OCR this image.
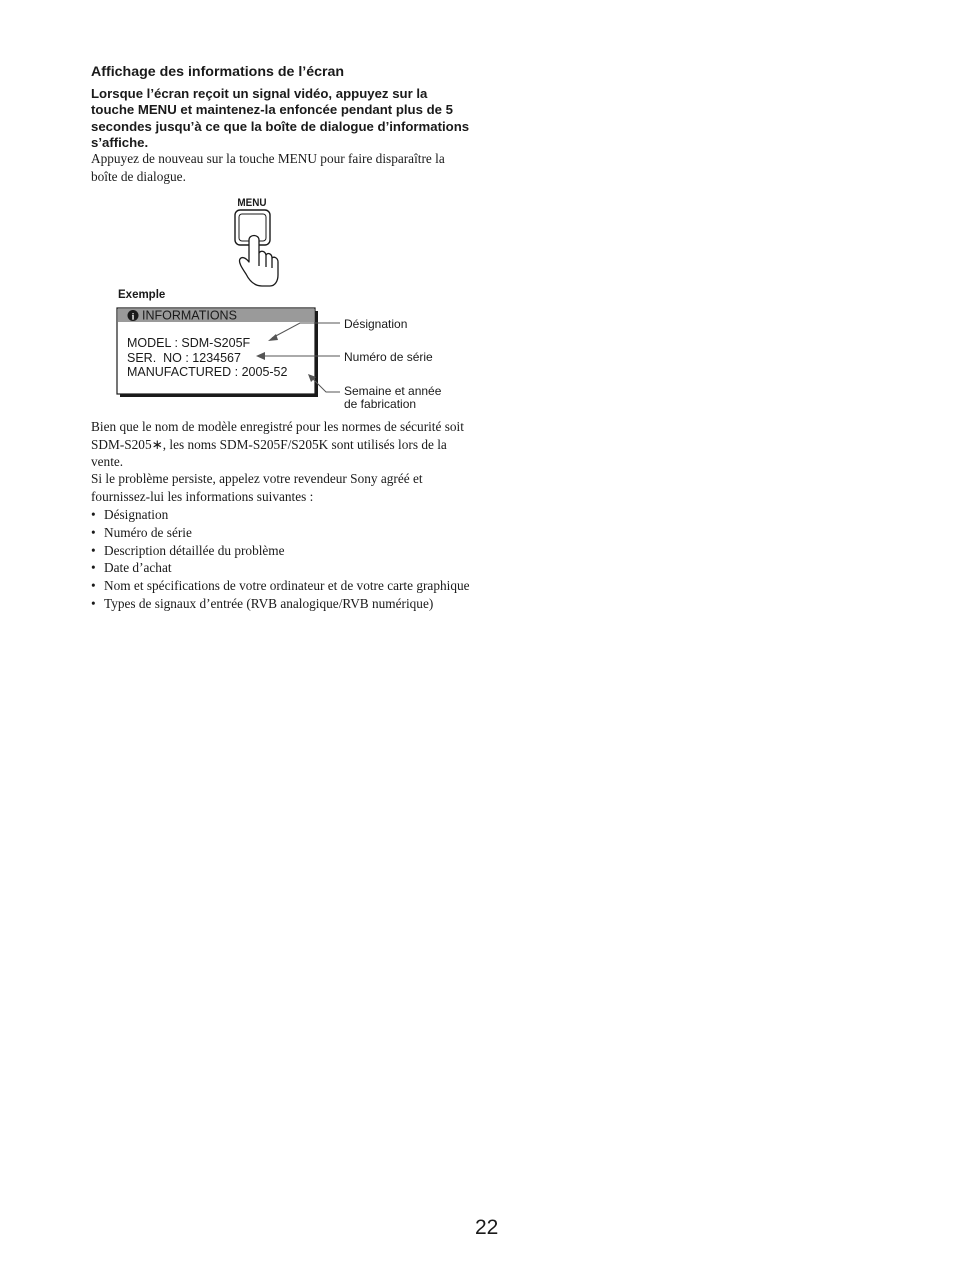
Affichage des informations de l’écran

Lorsque l’écran reçoit un signal vidéo, appuyez sur la touche MENU et maintenez-la enfoncée pendant plus de 5 secondes jusqu’à ce que la boîte de dialogue d’informations s’affiche.

Appuyez de nouveau sur la touche MENU pour faire disparaître la boîte de dialogue.

MENU
Exemple
i INFORMATIONS
MODEL : SDM-S205F
SER.  NO : 1234567
MANUFACTURED : 2005-52
Désignation
Numéro de série
Semaine et année
de fabrication

Bien que le nom de modèle enregistré pour les normes de sécurité soit SDM-S205∗, les noms SDM-S205F/S205K sont utilisés lors de la vente.

Si le problème persiste, appelez votre revendeur Sony agréé et fournissez-lui les informations suivantes :

• Désignation
• Numéro de série
• Description détaillée du problème
• Date d’achat
• Nom et spécifications de votre ordinateur et de votre carte graphique
• Types de signaux d’entrée (RVB analogique/RVB numérique)
22
